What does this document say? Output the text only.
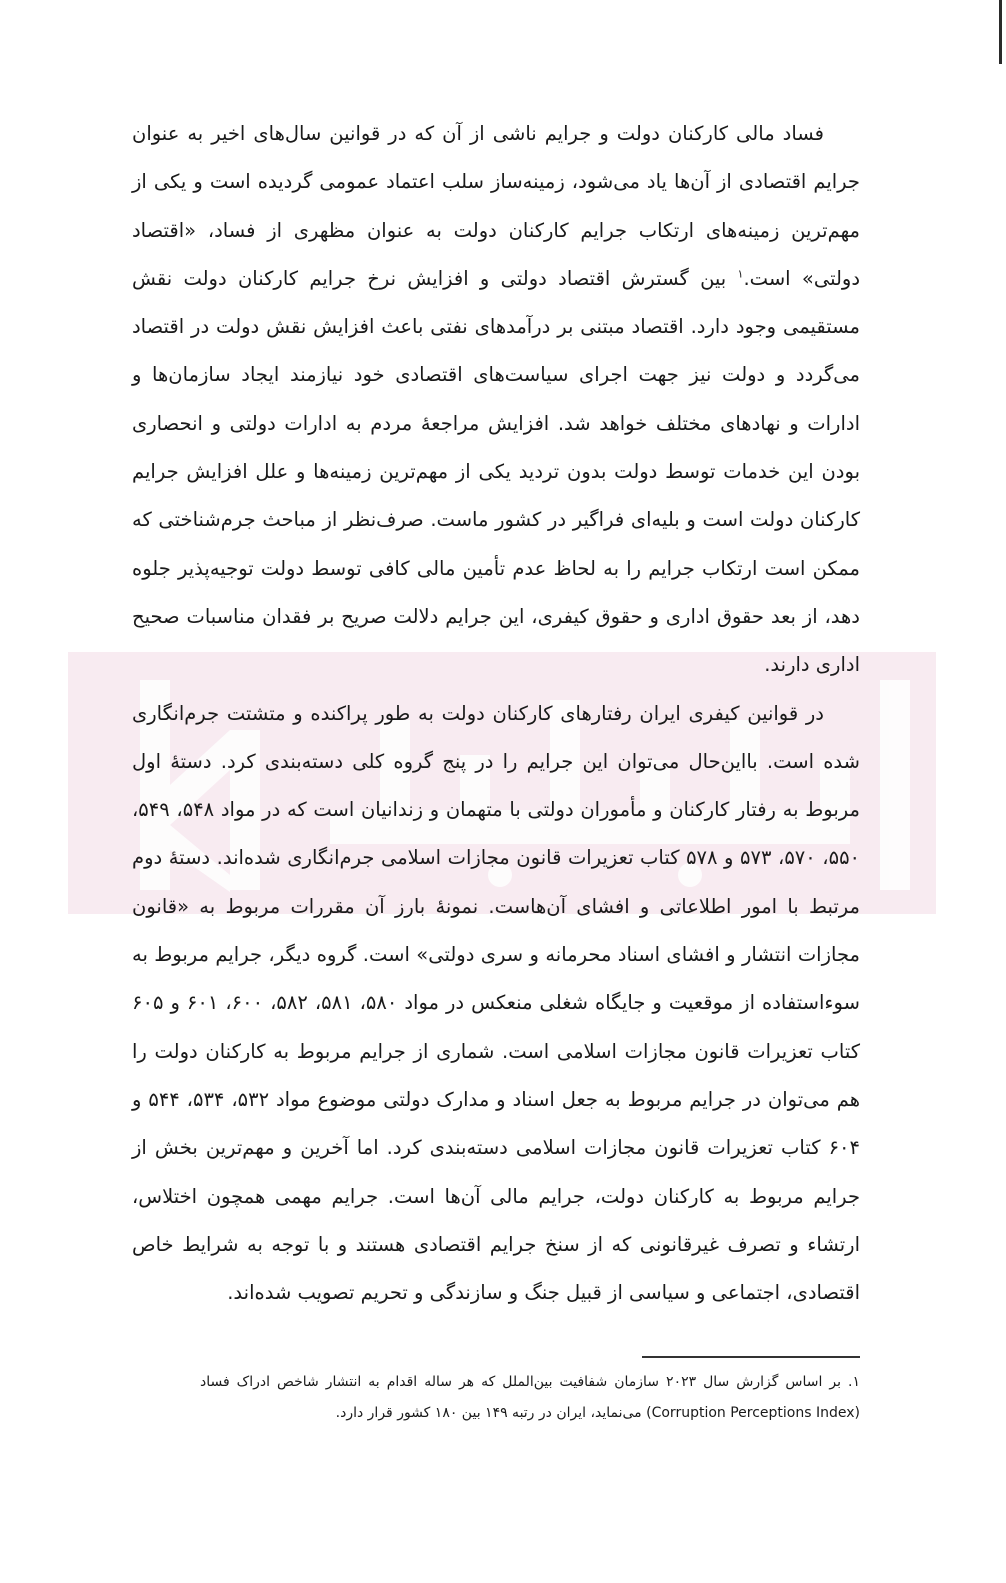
فساد مالی کارکنان دولت و جرایم ناشی از آن که در قوانین سال‌های اخیر به عنوان جرایم اقتصادی از آن‌ها یاد می‌شود، زمینه‌ساز سلب اعتماد عمومی گردیده است و یکی از مهم‌ترین زمینه‌های ارتکاب جرایم کارکنان دولت به عنوان مظهری از فساد، «اقتصاد دولتی» است.$^۱$ بین گسترش اقتصاد دولتی و افزایش نرخ جرایم کارکنان دولت نقش مستقیمی وجود دارد. اقتصاد مبتنی بر درآمدهای نفتی باعث افزایش نقش دولت در اقتصاد می‌گردد و دولت نیز جهت اجرای سیاست‌های اقتصادی خود نیازمند ایجاد سازمان‌ها و ادارات و نهادهای مختلف خواهد شد. افزایش مراجعهٔ مردم به ادارات دولتی و انحصاری بودن این خدمات توسط دولت بدون تردید یکی از مهم‌ترین زمینه‌ها و علل افزایش جرایم کارکنان دولت است و بلیه‌ای فراگیر در کشور ماست. صرف‌نظر از مباحث جرم‌شناختی که ممکن است ارتکاب جرایم را به لحاظ عدم تأمین مالی کافی توسط دولت توجیه‌پذیر جلوه دهد، از بعد حقوق اداری و حقوق کیفری، این جرایم دلالت صریح بر فقدان مناسبات صحیح اداری دارند.

در قوانین کیفری ایران رفتارهای کارکنان دولت به طور پراکنده و متشتت جرم‌انگاری شده است. بااین‌حال می‌توان این جرایم را در پنج گروه کلی دسته‌بندی کرد. دستهٔ اول مربوط به رفتار کارکنان و مأموران دولتی با متهمان و زندانیان است که در مواد ۵۴۸، ۵۴۹، ۵۵۰، ۵۷۰، ۵۷۳ و ۵۷۸ کتاب تعزیرات قانون مجازات اسلامی جرم‌انگاری شده‌اند. دستهٔ دوم مرتبط با امور اطلاعاتی و افشای آن‌هاست. نمونهٔ بارز آن مقررات مربوط به «قانون مجازات انتشار و افشای اسناد محرمانه و سری دولتی» است. گروه دیگر، جرایم مربوط به سوءاستفاده از موقعیت و جایگاه شغلی منعکس در مواد ۵۸۰، ۵۸۱، ۵۸۲، ۶۰۰، ۶۰۱ و ۶۰۵ کتاب تعزیرات قانون مجازات اسلامی است. شماری از جرایم مربوط به کارکنان دولت را هم می‌توان در جرایم مربوط به جعل اسناد و مدارک دولتی موضوع مواد ۵۳۲، ۵۳۴، ۵۴۴ و ۶۰۴ کتاب تعزیرات قانون مجازات اسلامی دسته‌بندی کرد. اما آخرین و مهم‌ترین بخش از جرایم مربوط به کارکنان دولت، جرایم مالی آن‌ها است. جرایم مهمی همچون اختلاس، ارتشاء و تصرف غیرقانونی که از سنخ جرایم اقتصادی هستند و با توجه به شرایط خاص اقتصادی، اجتماعی و سیاسی از قبیل جنگ و سازندگی و تحریم تصویب شده‌اند.

۱. بر اساس گزارش سال ۲۰۲۳ سازمان شفافیت بین‌الملل که هر ساله اقدام به انتشار شاخص ادراک فساد (Corruption Perceptions Index) می‌نماید، ایران در رتبه ۱۴۹ بین ۱۸۰ کشور قرار دارد.
